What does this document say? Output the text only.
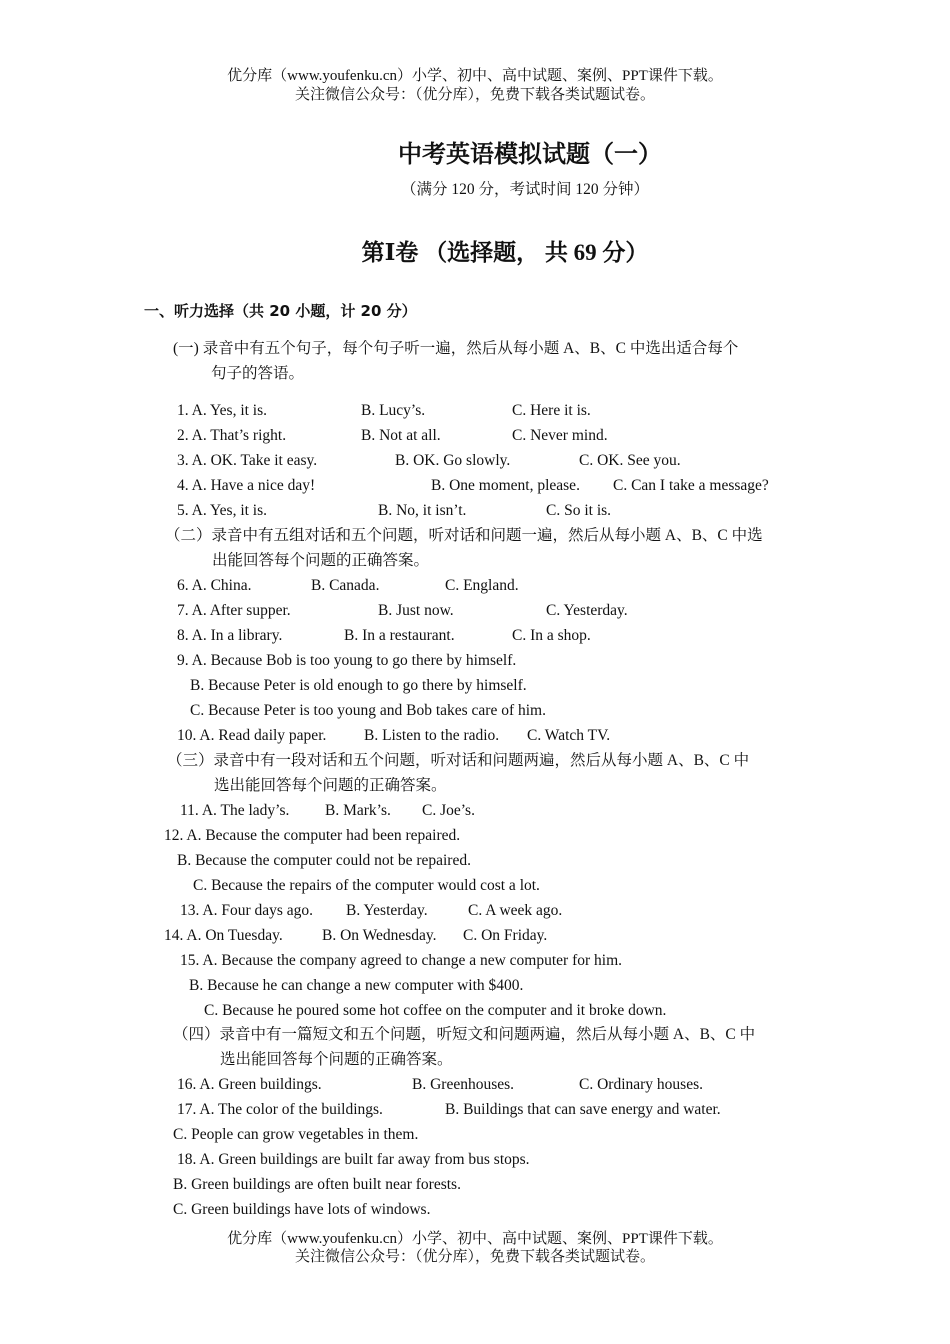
优分库（www.youfenku.cn）小学、初中、高中试题、案例、PPT课件下载。
关注微信公众号：（优分库），免费下载各类试题试卷。
中考英语模拟试题（一）
（满分 120 分，考试时间 120 分钟）
第Ⅰ卷 （选择题， 共 69 分）
一、听力选择（共 20 小题，计 20 分）
(一) 录音中有五个句子，每个句子听一遍，然后从每小题 A、B、C 中选出适合每个
句子的答语。
1. A. Yes, it is.	B. Lucy’s.	C. Here it is.
2. A. That’s right.	B. Not at all.	C. Never mind.
3. A. OK. Take it easy.	B. OK. Go slowly.	C. OK. See you.
4. A. Have a nice day!	B. One moment, please. C. Can I take a message?
5. A. Yes, it is.	B. No, it isn’t.	C. So it is.
（二）录音中有五组对话和五个问题，听对话和问题一遍，然后从每小题 A、B、C 中选
出能回答每个问题的正确答案。
6. A. China.	B. Canada.	C. England.
7. A. After supper.	B. Just now.	C. Yesterday.
8. A. In a library.	B. In a restaurant.	C. In a shop.
9. A. Because Bob is too young to go there by himself.
B. Because Peter is old enough to go there by himself.
C. Because Peter is too young and Bob takes care of him.
10. A. Read daily paper. B. Listen to the radio. C. Watch TV.
（三）录音中有一段对话和五个问题，听对话和问题两遍，然后从每小题 A、B、C 中
选出能回答每个问题的正确答案。
11. A. The lady’s. B. Mark’s. C. Joe’s.
12. A. Because the computer had been repaired.
B. Because the computer could not be repaired.
C. Because the repairs of the computer would cost a lot.
13. A. Four days ago. B. Yesterday.	C. A week ago.
14. A. On Tuesday.	B. On Wednesday. C. On Friday.
15. A. Because the company agreed to change a new computer for him.
B. Because he can change a new computer with $400.
C. Because he poured some hot coffee on the computer and it broke down.
（四）录音中有一篇短文和五个问题，听短文和问题两遍，然后从每小题 A、B、C 中
选出能回答每个问题的正确答案。
16. A. Green buildings.	B. Greenhouses.	C. Ordinary houses.
17. A. The color of the buildings.	B. Buildings that can save energy and water.
C. People can grow vegetables in them.
18. A. Green buildings are built far away from bus stops.
B. Green buildings are often built near forests.
C. Green buildings have lots of windows.
优分库（www.youfenku.cn）小学、初中、高中试题、案例、PPT课件下载。
关注微信公众号：（优分库），免费下载各类试题试卷。
